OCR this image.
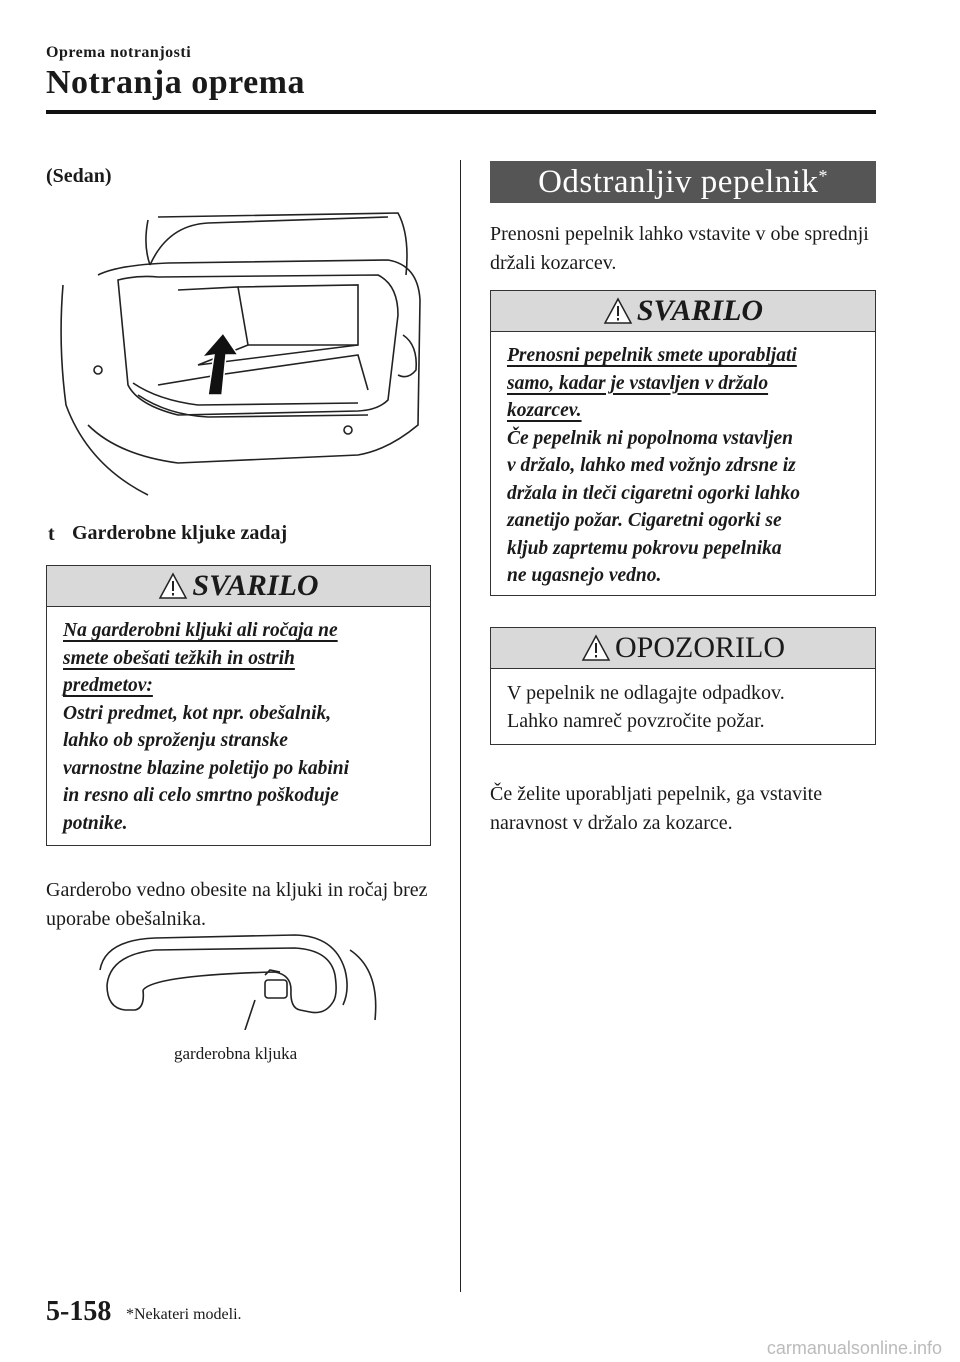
Oprema notranjosti
Notranja oprema
(Sedan)
t Garderobne kljuke zadaj
SVARILO
Na garderobni kljuki ali ročaja ne
smete obešati težkih in ostrih
predmetov:
Ostri predmet, kot npr. obešalnik,
lahko ob sproženju stranske
varnostne blazine poletijo po kabini
in resno ali celo smrtno poškoduje
potnike.
Garderobo vedno obesite na kljuki in ročaj brez uporabe obešalnika.
garderobna kljuka
Odstranljiv pepelnik*
Prenosni pepelnik lahko vstavite v obe sprednji držali kozarcev.
SVARILO
Prenosni pepelnik smete uporabljati
samo, kadar je vstavljen v držalo
kozarcev.
Če pepelnik ni popolnoma vstavljen
v držalo, lahko med vožnjo zdrsne iz
držala in tleči cigaretni ogorki lahko
zanetijo požar. Cigaretni ogorki se
kljub zaprtemu pokrovu pepelnika
ne ugasnejo vedno.
OPOZORILO
V pepelnik ne odlagajte odpadkov.
Lahko namreč povzročite požar.
Če želite uporabljati pepelnik, ga vstavite naravnost v držalo za kozarce.
5-158 *Nekateri modeli.
carmanualsonline.info
